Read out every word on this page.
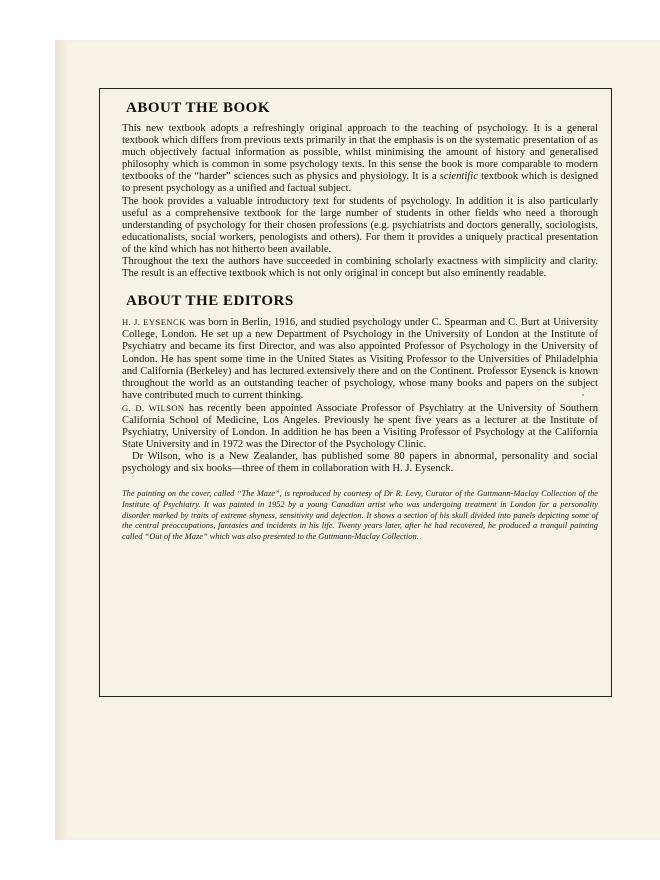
ABOUT THE BOOK

This new textbook adopts a refreshingly original approach to the teaching of psychology. It is a general textbook which differs from previous texts primarily in that the emphasis is on the systematic presentation of as much objectively factual information as possible, whilst minimising the amount of history and generalised philosophy which is common in some psychology texts. In this sense the book is more comparable to modern textbooks of the “harder” sciences such as physics and physiology. It is a scientific textbook which is designed to present psychology as a unified and factual subject.

The book provides a valuable introductory text for students of psychology. In addition it is also particularly useful as a comprehensive textbook for the large number of students in other fields who need a thorough understanding of psychology for their chosen professions (e.g. psychiatrists and doctors generally, sociologists, educationalists, social workers, penologists and others). For them it provides a uniquely practical presentation of the kind which has not hitherto been available.

Throughout the text the authors have succeeded in combining scholarly exactness with simplicity and clarity. The result is an effective textbook which is not only original in concept but also eminently readable.

ABOUT THE EDITORS

H. J. EYSENCK was born in Berlin, 1916, and studied psychology under C. Spearman and C. Burt at University College, London. He set up a new Department of Psychology in the University of London at the Institute of Psychiatry and became its first Director, and was also appointed Professor of Psychology in the University of London. He has spent some time in the United States as Visiting Professor to the Universities of Philadelphia and California (Berkeley) and has lectured extensively there and on the Continent. Professor Eysenck is known throughout the world as an outstanding teacher of psychology, whose many books and papers on the subject have contributed much to current thinking.

G. D. WILSON has recently been appointed Associate Professor of Psychiatry at the University of Southern California School of Medicine, Los Angeles. Previously he spent five years as a lecturer at the Institute of Psychiatry, University of London. In addition he has been a Visiting Professor of Psychology at the California State University and in 1972 was the Director of the Psychology Clinic.

Dr Wilson, who is a New Zealander, has published some 80 papers in abnormal, personality and social psychology and six books—three of them in collaboration with H. J. Eysenck.

The painting on the cover, called “The Maze”, is reproduced by courtesy of Dr R. Levy, Curator of the Guttmann-Maclay Collection of the Institute of Psychiatry. It was painted in 1952 by a young Canadian artist who was undergoing treatment in London for a personality disorder marked by traits of extreme shyness, sensitivity and dejection. It shows a section of his skull divided into panels depicting some of the central preoccupations, fantasies and incidents in his life. Twenty years later, after he had recovered, he produced a tranquil painting called “Out of the Maze” which was also presented to the Guttmann-Maclay Collection.
